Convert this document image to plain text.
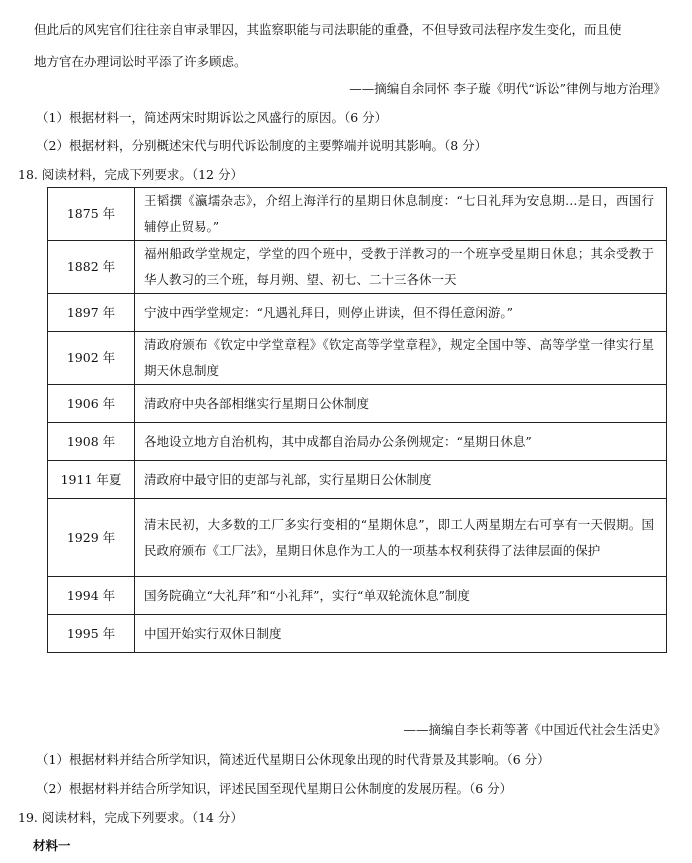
但此后的风宪官们往往亲自审录罪囚，其监察职能与司法职能的重叠，不但导致司法程序发生变化，而且使
地方官在办理词讼时平添了许多顾虑。
——摘编自余同怀 李子璇《明代“诉讼”律例与地方治理》
（1）根据材料一，简述两宋时期诉讼之风盛行的原因。（6 分）
（2）根据材料，分别概述宋代与明代诉讼制度的主要弊端并说明其影响。（8 分）
18. 阅读材料，完成下列要求。（12 分）
1875 年	王韬撰《瀛壖杂志》，介绍上海洋行的星期日休息制度：“七日礼拜为安息期…是日，西国行辅停止贸易。”
1882 年	福州船政学堂规定，学堂的四个班中，受教于洋教习的一个班享受星期日休息；其余受教于华人教习的三个班，每月朔、望、初七、二十三各休一天
1897 年	宁波中西学堂规定：“凡遇礼拜日，则停止讲读，但不得任意闲游。”
1902 年	清政府颁布《钦定中学堂章程》《钦定高等学堂章程》，规定全国中等、高等学堂一律实行星期天休息制度
1906 年	清政府中央各部相继实行星期日公休制度
1908 年	各地设立地方自治机构，其中成都自治局办公条例规定：“星期日休息”
1911 年夏	清政府中最守旧的吏部与礼部，实行星期日公休制度
1929 年	清末民初，大多数的工厂多实行变相的“星期休息”，即工人两星期左右可享有一天假期。国民政府颁布《工厂法》，星期日休息作为工人的一项基本权利获得了法律层面的保护
1994 年	国务院确立“大礼拜”和“小礼拜”，实行“单双轮流休息”制度
1995 年	中国开始实行双休日制度
——摘编自李长莉等著《中国近代社会生活史》
（1）根据材料并结合所学知识，简述近代星期日公休现象出现的时代背景及其影响。（6 分）
（2）根据材料并结合所学知识，评述民国至现代星期日公休制度的发展历程。（6 分）
19. 阅读材料，完成下列要求。（14 分）
材料一
